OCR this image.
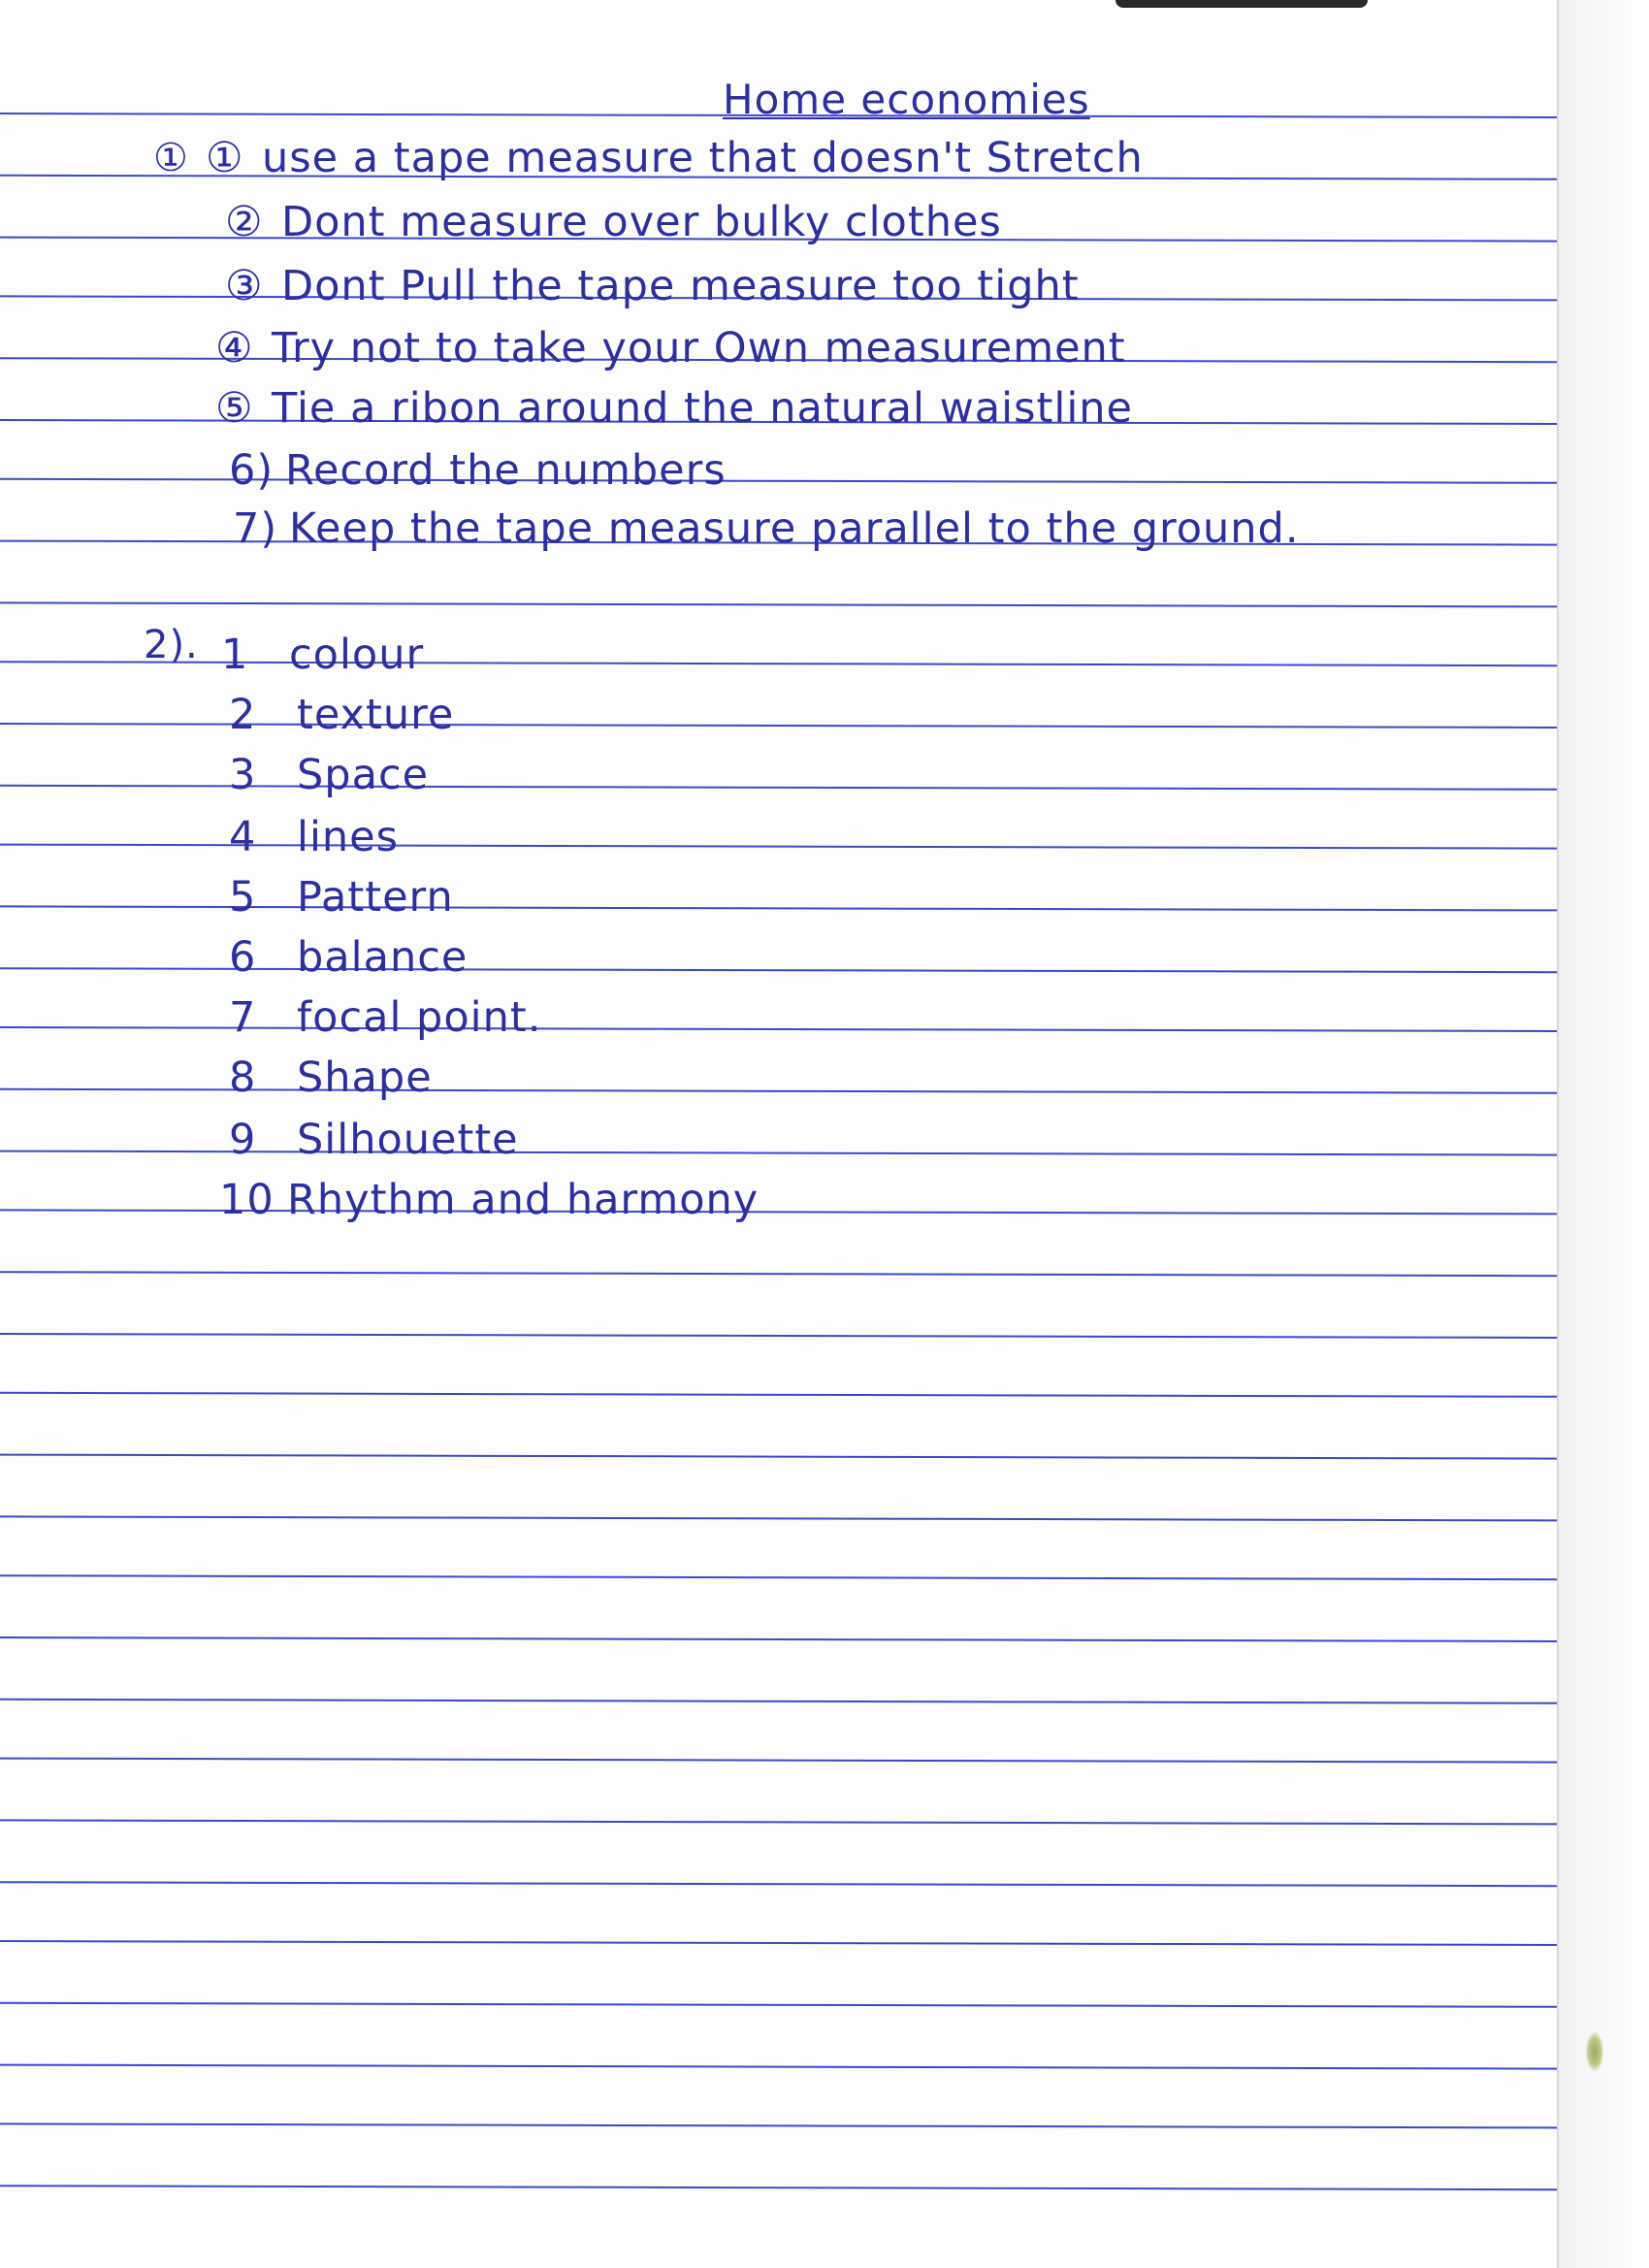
Home economies
① ① use a tape measure that doesn't Stretch
② Dont measure over bulky clothes
③ Dont Pull the tape measure too tight
④ Try not to take your Own measurement
⑤ Tie a ribon around the natural waistline
6) Record the numbers
7) Keep the tape measure parallel to the ground.
2). 1 colour
2 texture
3 Space
4 lines
5 Pattern
6 balance
7 focal point.
8 Shape
9 Silhouette
10 Rhythm and harmony
